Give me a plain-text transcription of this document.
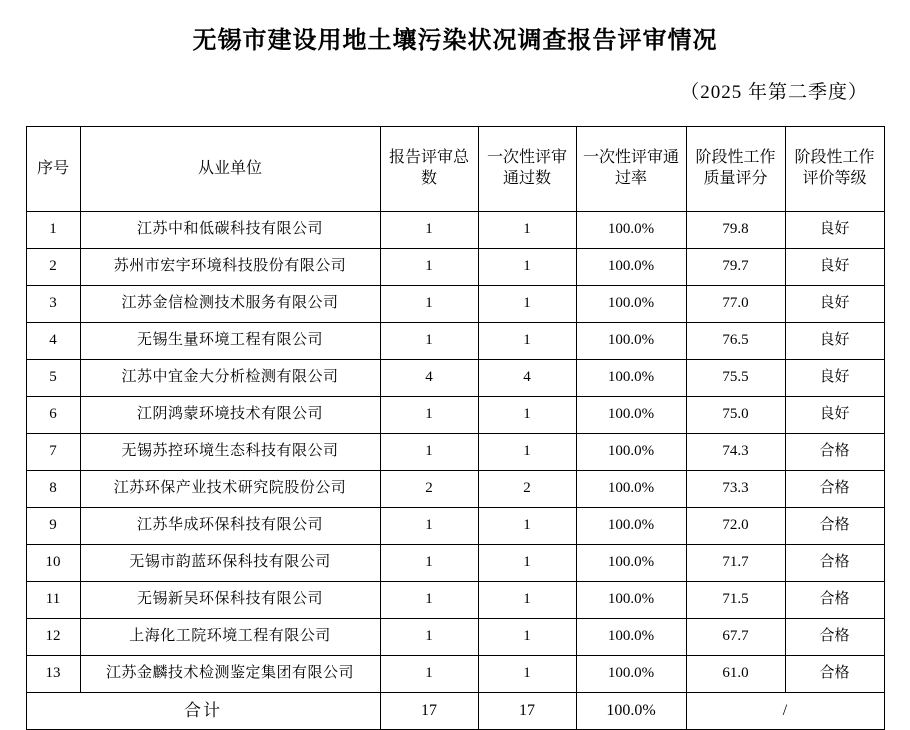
无锡市建设用地土壤污染状况调查报告评审情况
（2025 年第二季度）
序号	从业单位	报告评审总数	一次性评审通过数	一次性评审通过率	阶段性工作质量评分	阶段性工作评价等级

1	江苏中和低碳科技有限公司	1	1	100.0%	79.8	良好
2	苏州市宏宇环境科技股份有限公司	1	1	100.0%	79.7	良好
3	江苏金信检测技术服务有限公司	1	1	100.0%	77.0	良好
4	无锡生量环境工程有限公司	1	1	100.0%	76.5	良好
5	江苏中宜金大分析检测有限公司	4	4	100.0%	75.5	良好
6	江阴鸿蒙环境技术有限公司	1	1	100.0%	75.0	良好
7	无锡苏控环境生态科技有限公司	1	1	100.0%	74.3	合格
8	江苏环保产业技术研究院股份公司	2	2	100.0%	73.3	合格
9	江苏华成环保科技有限公司	1	1	100.0%	72.0	合格
10	无锡市韵蓝环保科技有限公司	1	1	100.0%	71.7	合格
11	无锡新吴环保科技有限公司	1	1	100.0%	71.5	合格
12	上海化工院环境工程有限公司	1	1	100.0%	67.7	合格
13	江苏金麟技术检测鉴定集团有限公司	1	1	100.0%	61.0	合格
合计		17	17	100.0%	/	
